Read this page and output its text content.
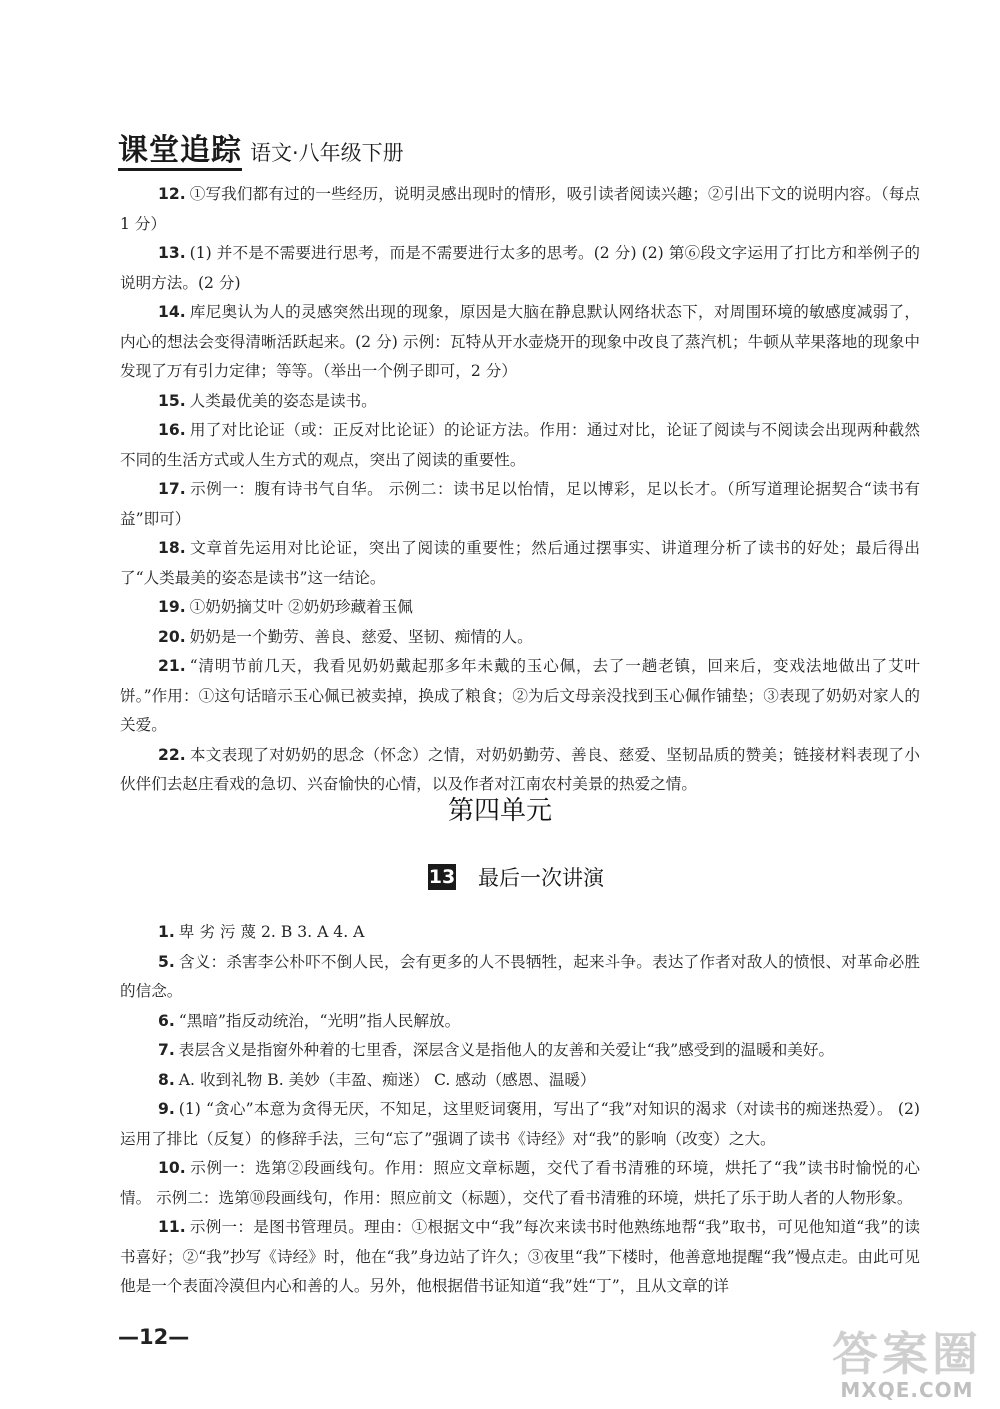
课堂追踪 语文·八年级下册

12. ①写我们都有过的一些经历，说明灵感出现时的情形，吸引读者阅读兴趣；②引出下文的说明内容。（每点 1 分）

13. (1) 并不是不需要进行思考，而是不需要进行太多的思考。(2 分) (2) 第⑥段文字运用了打比方和举例子的说明方法。(2 分)

14. 库尼奥认为人的灵感突然出现的现象，原因是大脑在静息默认网络状态下，对周围环境的敏感度减弱了，内心的想法会变得清晰活跃起来。(2 分) 示例：瓦特从开水壶烧开的现象中改良了蒸汽机；牛顿从苹果落地的现象中发现了万有引力定律；等等。（举出一个例子即可，2 分）

15. 人类最优美的姿态是读书。

16. 用了对比论证（或：正反对比论证）的论证方法。作用：通过对比，论证了阅读与不阅读会出现两种截然不同的生活方式或人生方式的观点，突出了阅读的重要性。

17. 示例一：腹有诗书气自华。 示例二：读书足以怡情，足以博彩，足以长才。（所写道理论据契合“读书有益”即可）

18. 文章首先运用对比论证，突出了阅读的重要性；然后通过摆事实、讲道理分析了读书的好处；最后得出了“人类最美的姿态是读书”这一结论。

19. ①奶奶摘艾叶 ②奶奶珍藏着玉佩

20. 奶奶是一个勤劳、善良、慈爱、坚韧、痴情的人。

21. “清明节前几天，我看见奶奶戴起那多年未戴的玉心佩，去了一趟老镇，回来后，变戏法地做出了艾叶饼。”作用：①这句话暗示玉心佩已被卖掉，换成了粮食；②为后文母亲没找到玉心佩作铺垫；③表现了奶奶对家人的关爱。

22. 本文表现了对奶奶的思念（怀念）之情，对奶奶勤劳、善良、慈爱、坚韧品质的赞美；链接材料表现了小伙伴们去赵庄看戏的急切、兴奋愉快的心情，以及作者对江南农村美景的热爱之情。

第四单元
13 最后一次讲演

1. 卑 劣 污 蔑 2. B 3. A 4. A

5. 含义：杀害李公朴吓不倒人民，会有更多的人不畏牺牲，起来斗争。表达了作者对敌人的愤恨、对革命必胜的信念。

6. “黑暗”指反动统治，“光明”指人民解放。

7. 表层含义是指窗外种着的七里香，深层含义是指他人的友善和关爱让“我”感受到的温暖和美好。

8. A. 收到礼物 B. 美妙（丰盈、痴迷） C. 感动（感恩、温暖）

9. (1) “贪心”本意为贪得无厌，不知足，这里贬词褒用，写出了“我”对知识的渴求（对读书的痴迷热爱）。 (2) 运用了排比（反复）的修辞手法，三句“忘了”强调了读书《诗经》对“我”的影响（改变）之大。

10. 示例一：选第②段画线句。作用：照应文章标题，交代了看书清雅的环境，烘托了“我”读书时愉悦的心情。 示例二：选第⑩段画线句，作用：照应前文（标题），交代了看书清雅的环境，烘托了乐于助人者的人物形象。

11. 示例一：是图书管理员。理由：①根据文中“我”每次来读书时他熟练地帮“我”取书，可见他知道“我”的读书喜好；②“我”抄写《诗经》时，他在“我”身边站了许久；③夜里“我”下楼时，他善意地提醒“我”慢点走。由此可见他是一个表面冷漠但内心和善的人。另外，他根据借书证知道“我”姓“丁”，且从文章的详

—12—	答案圈
MXQE.COM
